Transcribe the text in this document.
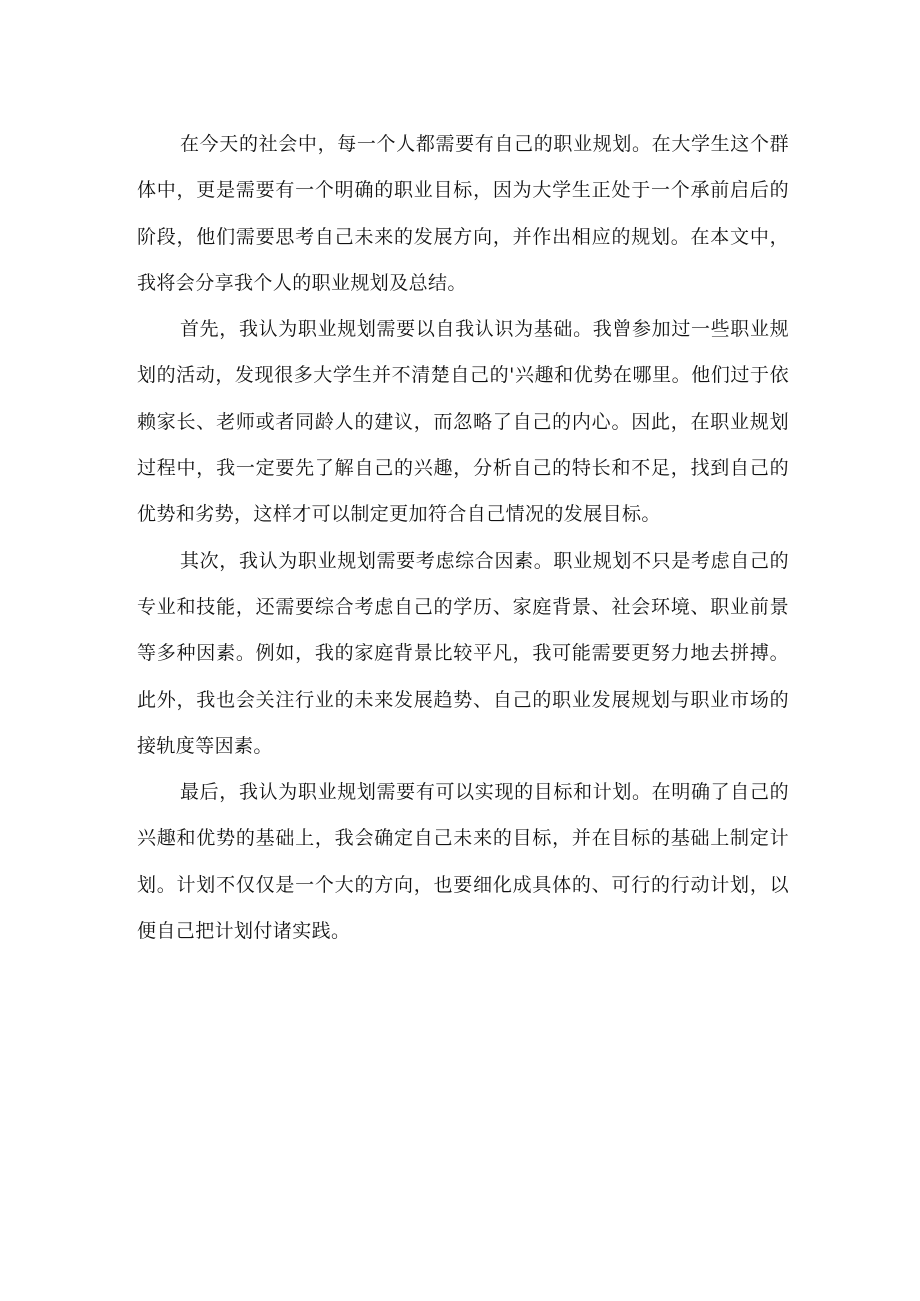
在今天的社会中，每一个人都需要有自己的职业规划。在大学生这个群体中，更是需要有一个明确的职业目标，因为大学生正处于一个承前启后的阶段，他们需要思考自己未来的发展方向，并作出相应的规划。在本文中，我将会分享我个人的职业规划及总结。

首先，我认为职业规划需要以自我认识为基础。我曾参加过一些职业规划的活动，发现很多大学生并不清楚自己的'兴趣和优势在哪里。他们过于依赖家长、老师或者同龄人的建议，而忽略了自己的内心。因此，在职业规划过程中，我一定要先了解自己的兴趣，分析自己的特长和不足，找到自己的优势和劣势，这样才可以制定更加符合自己情况的发展目标。

其次，我认为职业规划需要考虑综合因素。职业规划不只是考虑自己的专业和技能，还需要综合考虑自己的学历、家庭背景、社会环境、职业前景等多种因素。例如，我的家庭背景比较平凡，我可能需要更努力地去拼搏。此外，我也会关注行业的未来发展趋势、自己的职业发展规划与职业市场的接轨度等因素。

最后，我认为职业规划需要有可以实现的目标和计划。在明确了自己的兴趣和优势的基础上，我会确定自己未来的目标，并在目标的基础上制定计划。计划不仅仅是一个大的方向，也要细化成具体的、可行的行动计划，以便自己把计划付诸实践。
